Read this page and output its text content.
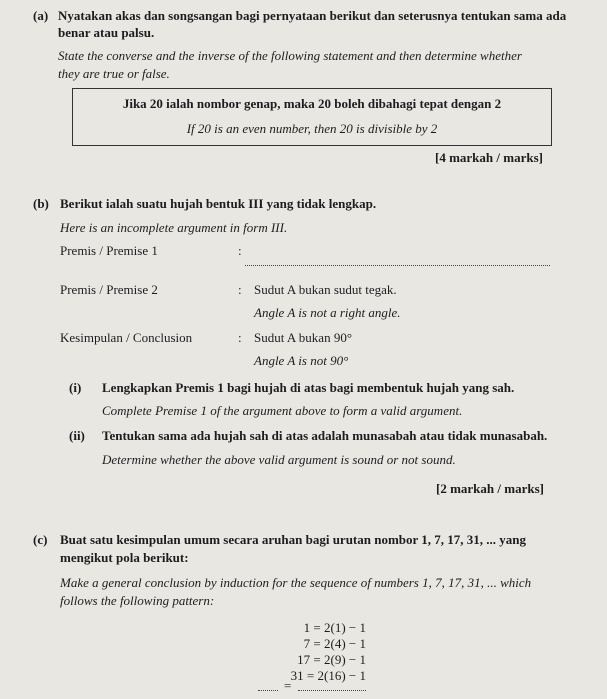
(a) Nyatakan akas dan songsangan bagi pernyataan berikut dan seterusnya tentukan sama ada
benar atau palsu.
State the converse and the inverse of the following statement and then determine whether
they are true or false.
Jika 20 ialah nombor genap, maka 20 boleh dibahagi tepat dengan 2
If 20 is an even number, then 20 is divisible by 2
[4 markah / marks]
(b) Berikut ialah suatu hujah bentuk III yang tidak lengkap.
Here is an incomplete argument in form III.
Premis / Premise 1	:
Premis / Premise 2	: Sudut A bukan sudut tegak.
Angle A is not a right angle.
Kesimpulan / Conclusion	: Sudut A bukan 90°
Angle A is not 90°
(i) Lengkapkan Premis 1 bagi hujah di atas bagi membentuk hujah yang sah.
Complete Premise 1 of the argument above to form a valid argument.
(ii) Tentukan sama ada hujah sah di atas adalah munasabah atau tidak munasabah.
Determine whether the above valid argument is sound or not sound.
[2 markah / marks]
(c) Buat satu kesimpulan umum secara aruhan bagi urutan nombor 1, 7, 17, 31, ... yang
mengikut pola berikut:
Make a general conclusion by induction for the sequence of numbers 1, 7, 17, 31, ... which
follows the following pattern:
1 = 2(1) − 1
7 = 2(4) − 1
17 = 2(9) − 1
31 = 2(16) − 1
=
